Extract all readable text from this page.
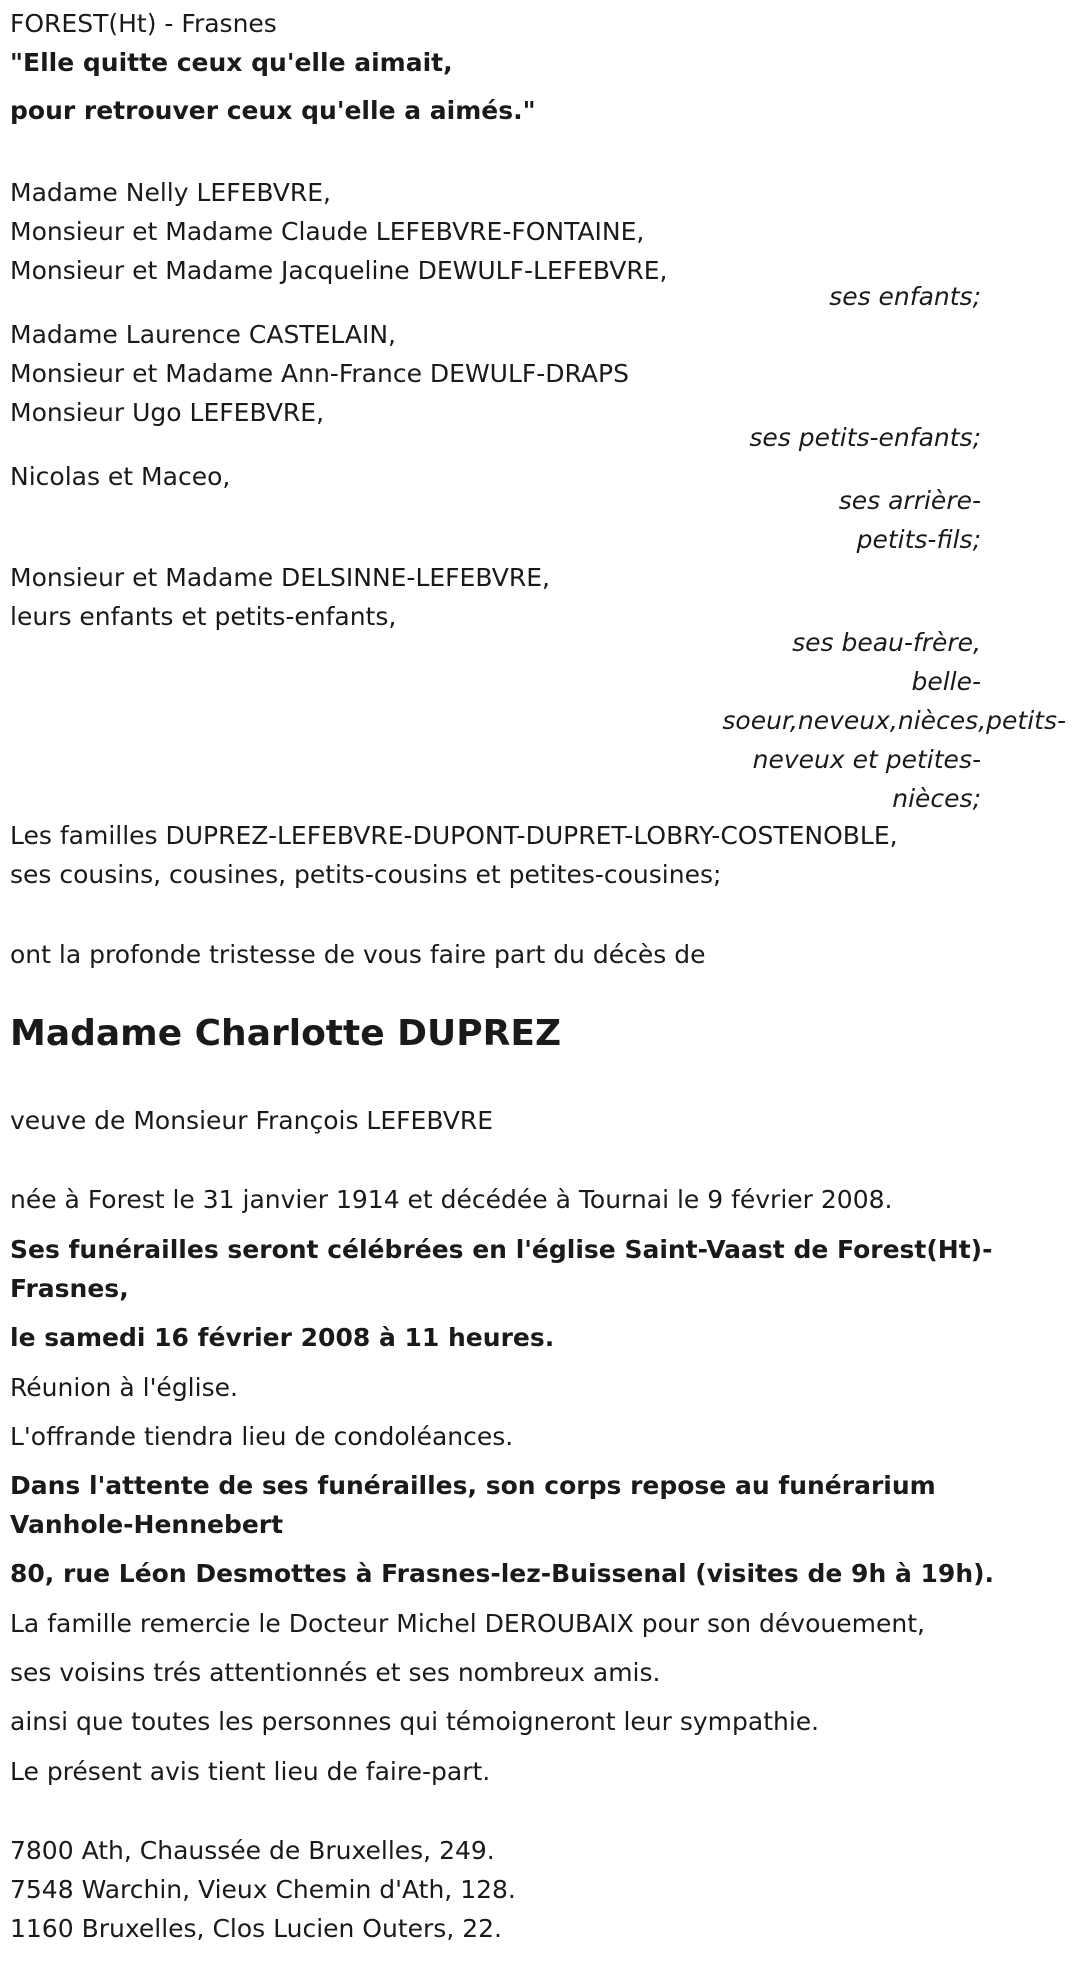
FOREST(Ht) - Frasnes
"Elle quitte ceux qu'elle aimait,
pour retrouver ceux qu'elle a aimés."
Madame Nelly LEFEBVRE,
Monsieur et Madame Claude LEFEBVRE-FONTAINE,
Monsieur et Madame Jacqueline DEWULF-LEFEBVRE,
ses enfants;
Madame Laurence CASTELAIN,
Monsieur et Madame Ann-France DEWULF-DRAPS
Monsieur Ugo LEFEBVRE,
ses petits-enfants;
Nicolas et Maceo,
ses arrière-
petits-fils;
Monsieur et Madame DELSINNE-LEFEBVRE,
leurs enfants et petits-enfants,
ses beau-frère,
belle-
soeur,neveux,nièces,petits-
neveux et petites-
nièces;
Les familles DUPREZ-LEFEBVRE-DUPONT-DUPRET-LOBRY-COSTENOBLE,
ses cousins, cousines, petits-cousins et petites-cousines;
ont la profonde tristesse de vous faire part du décès de
Madame Charlotte DUPREZ
veuve de Monsieur François LEFEBVRE
née à Forest le 31 janvier 1914 et décédée à Tournai le 9 février 2008.
Ses funérailles seront célébrées en l'église Saint-Vaast de Forest(Ht)-
Frasnes,
le samedi 16 février 2008 à 11 heures.
Réunion à l'église.
L'offrande tiendra lieu de condoléances.
Dans l'attente de ses funérailles, son corps repose au funérarium
Vanhole-Hennebert
80, rue Léon Desmottes à Frasnes-lez-Buissenal (visites de 9h à 19h).
La famille remercie le Docteur Michel DEROUBAIX pour son dévouement,
ses voisins trés attentionnés et ses nombreux amis.
ainsi que toutes les personnes qui témoigneront leur sympathie.
Le présent avis tient lieu de faire-part.
7800 Ath, Chaussée de Bruxelles, 249.
7548 Warchin, Vieux Chemin d'Ath, 128.
1160 Bruxelles, Clos Lucien Outers, 22.
